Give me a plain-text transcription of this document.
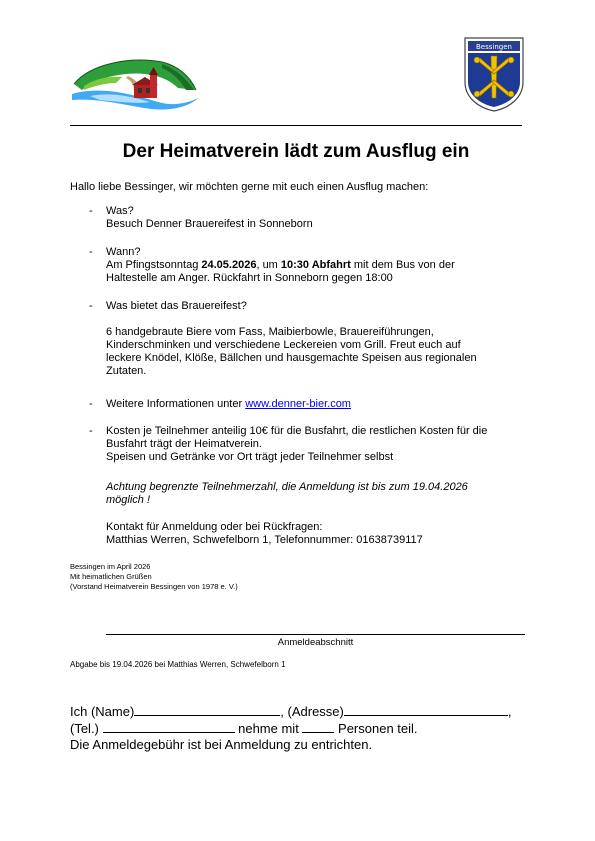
Bessingen
Der Heimatverein lädt zum Ausflug ein
Hallo liebe Bessinger, wir möchten gerne mit euch einen Ausflug machen:
- Was?

Besuch Denner Brauereifest in Sonneborn

- Wann?

Am Pfingstsonntag 24.05.2026, um 10:30 Abfahrt mit dem Bus von der

Haltestelle am Anger. Rückfahrt in Sonneborn gegen 18:00

- Was bietet das Brauereifest?

6 handgebraute Biere vom Fass, Maibierbowle, Brauereiführungen,

Kinderschminken und verschiedene Leckereien vom Grill. Freut euch auf

leckere Knödel, Klöße, Bällchen und hausgemachte Speisen aus regionalen

Zutaten.

- Weitere Informationen unter www.denner-bier.com
- Kosten je Teilnehmer anteilig 10€ für die Busfahrt, die restlichen Kosten für die

Busfahrt trägt der Heimatverein.

Speisen und Getränke vor Ort trägt jeder Teilnehmer selbst

Achtung begrenzte Teilnehmerzahl, die Anmeldung ist bis zum 19.04.2026

möglich !

Kontakt für Anmeldung oder bei Rückfragen:

Matthias Werren, Schwefelborn 1, Telefonnummer: 01638739117

Bessingen im April 2026
Mit heimatlichen Grüßen
(Vorstand Heimatverein Bessingen von 1978 e. V.)
Anmeldeabschnitt
Abgabe bis 19.04.2026 bei Matthias Werren, Schwefelborn 1
Ich (Name)	, (Adresse)	,
(Tel.)	nehme mit  Personen teil.
Die Anmeldegebühr ist bei Anmeldung zu entrichten.
